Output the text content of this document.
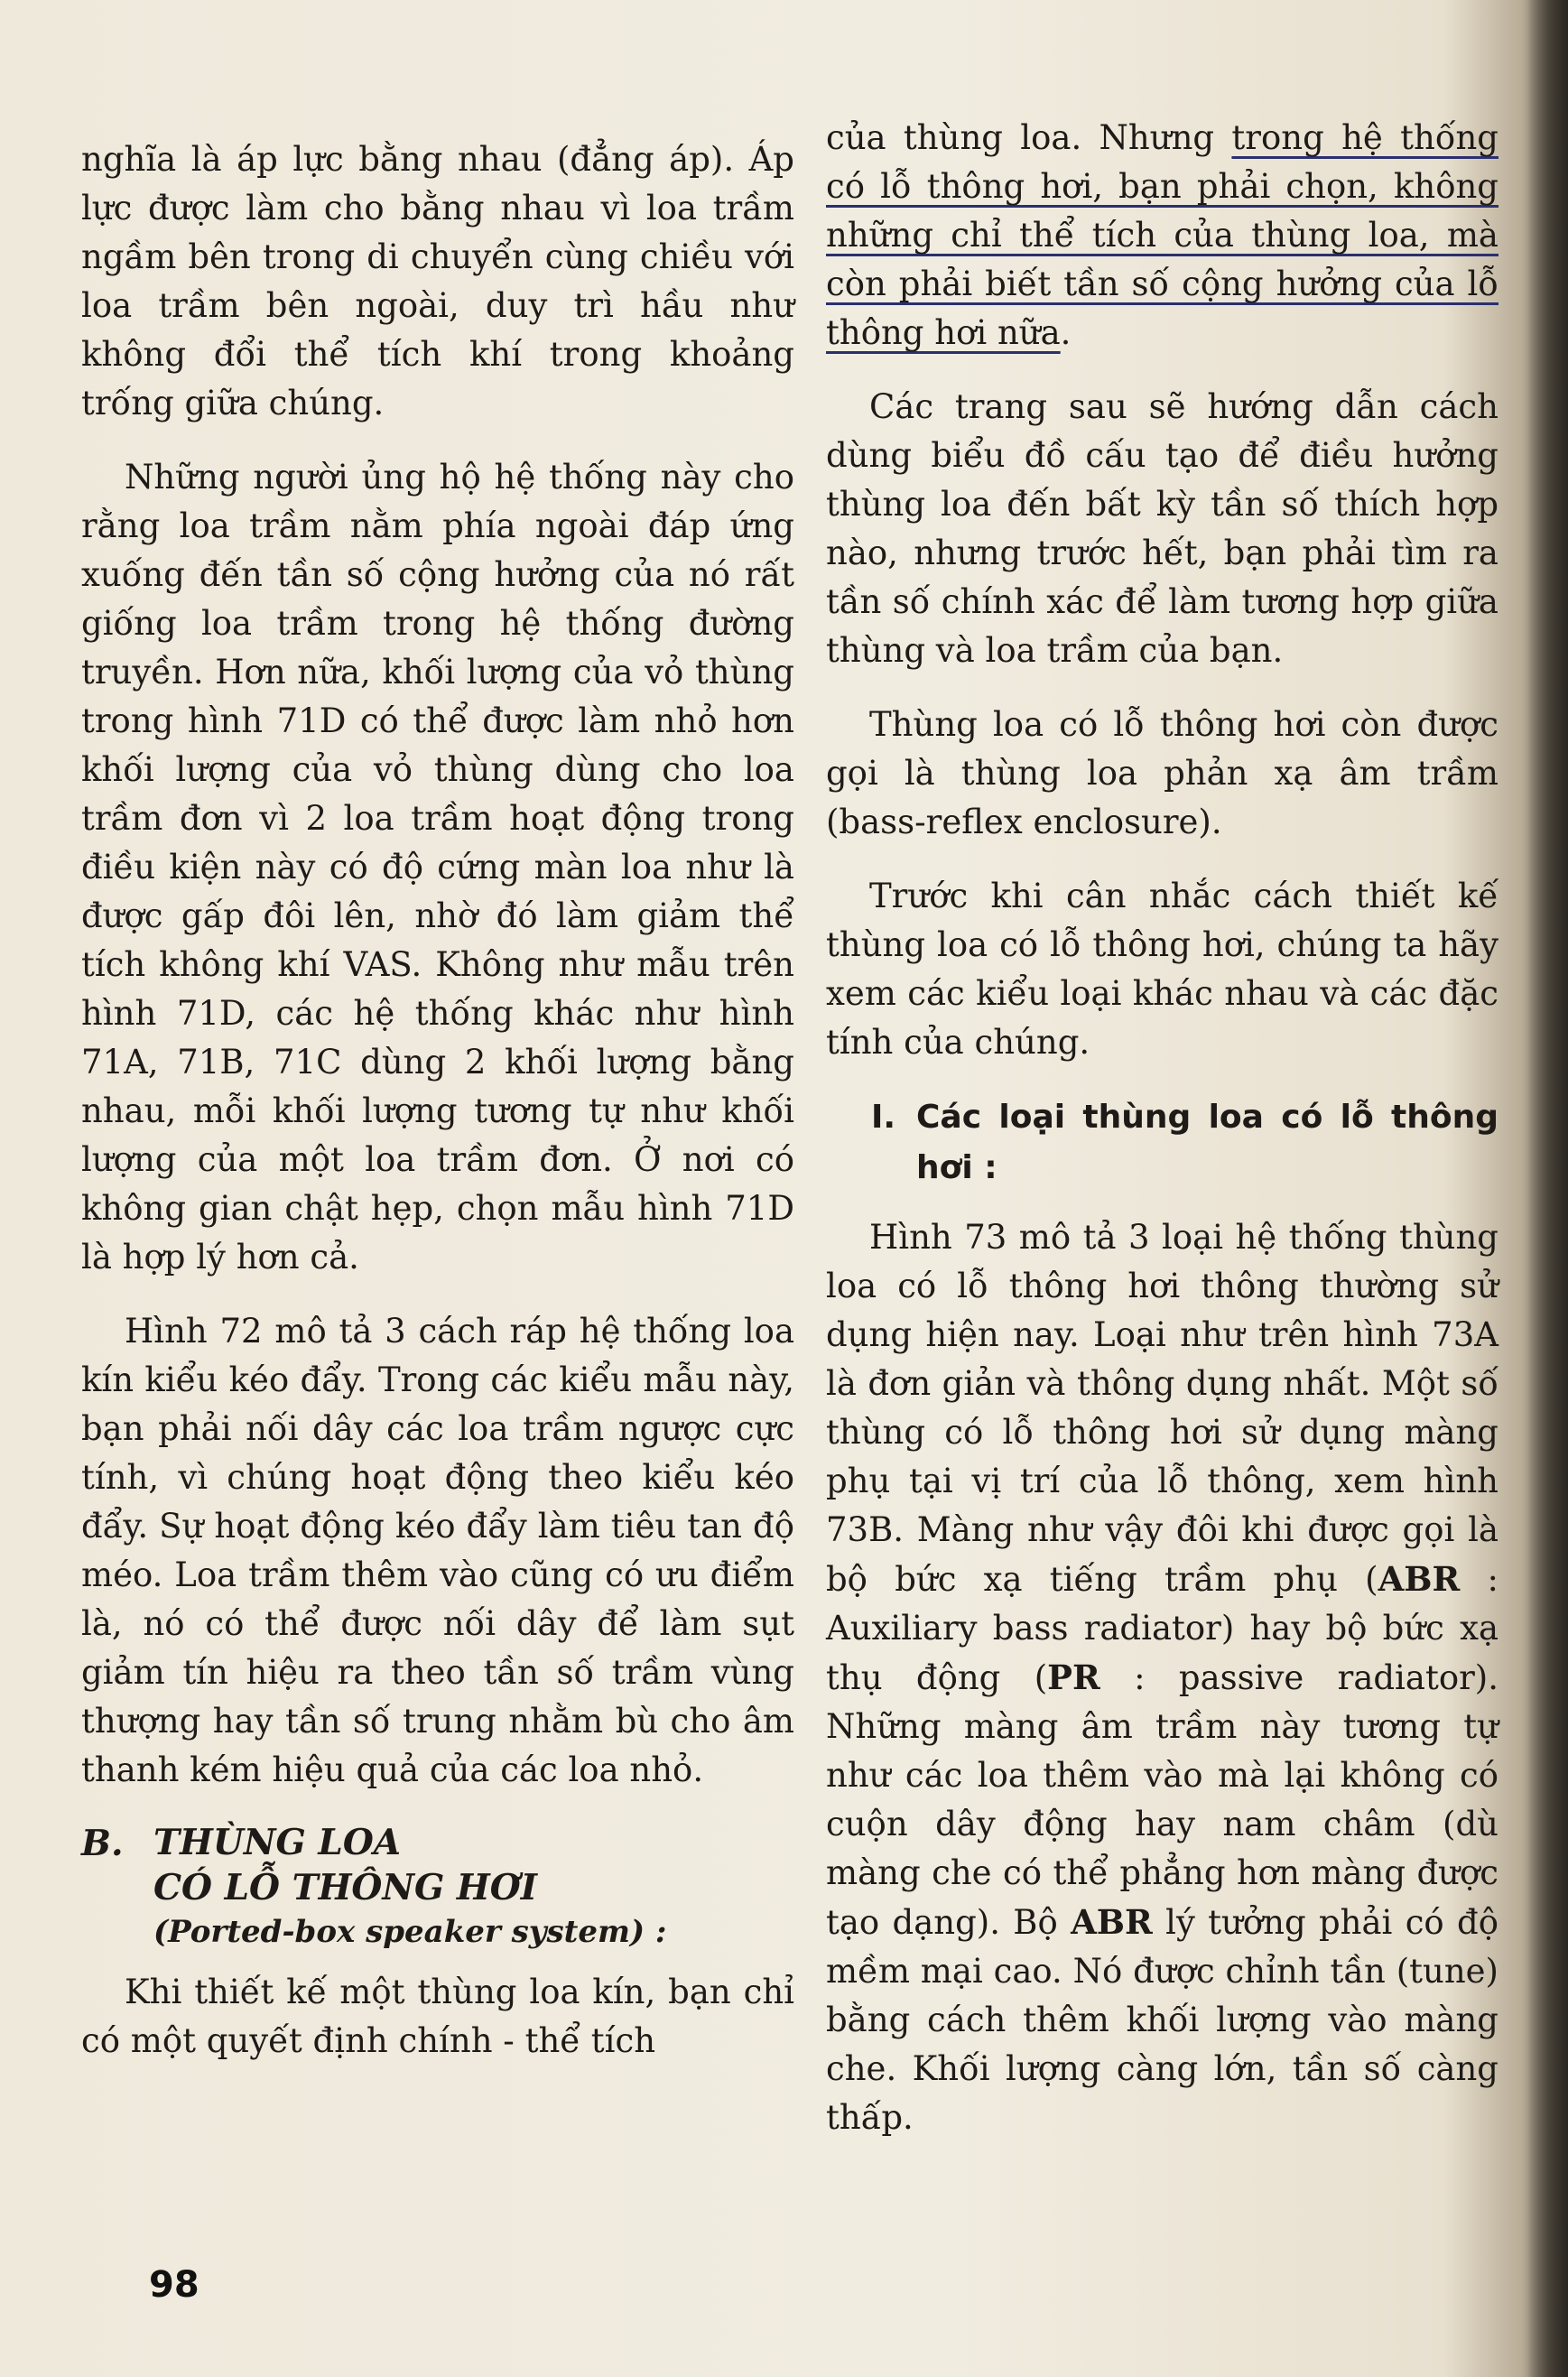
nghĩa là áp lực bằng nhau (đẳng áp). Áp lực được làm cho bằng nhau vì loa trầm ngầm bên trong di chuyển cùng chiều với loa trầm bên ngoài, duy trì hầu như không đổi thể tích khí trong khoảng trống giữa chúng.

Những người ủng hộ hệ thống này cho rằng loa trầm nằm phía ngoài đáp ứng xuống đến tần số cộng hưởng của nó rất giống loa trầm trong hệ thống đường truyền. Hơn nữa, khối lượng của vỏ thùng trong hình 71D có thể được làm nhỏ hơn khối lượng của vỏ thùng dùng cho loa trầm đơn vì 2 loa trầm hoạt động trong điều kiện này có độ cứng màn loa như là được gấp đôi lên, nhờ đó làm giảm thể tích không khí VAS. Không như mẫu trên hình 71D, các hệ thống khác như hình 71A, 71B, 71C dùng 2 khối lượng bằng nhau, mỗi khối lượng tương tự như khối lượng của một loa trầm đơn. Ở nơi có không gian chật hẹp, chọn mẫu hình 71D là hợp lý hơn cả.

Hình 72 mô tả 3 cách ráp hệ thống loa kín kiểu kéo đẩy. Trong các kiểu mẫu này, bạn phải nối dây các loa trầm ngược cực tính, vì chúng hoạt động theo kiểu kéo đẩy. Sự hoạt động kéo đẩy làm tiêu tan độ méo. Loa trầm thêm vào cũng có ưu điểm là, nó có thể được nối dây để làm sụt giảm tín hiệu ra theo tần số trầm vùng thượng hay tần số trung nhằm bù cho âm thanh kém hiệu quả của các loa nhỏ.

B. THÙNG LOA
CÓ LỖ THÔNG HƠI
(Ported-box speaker system) :

Khi thiết kế một thùng loa kín, bạn chỉ có một quyết định chính - thể tích

của thùng loa. Nhưng trong hệ thống có lỗ thông hơi, bạn phải chọn, không những chỉ thể tích của thùng loa, mà còn phải biết tần số cộng hưởng của lỗ thông hơi nữa.

Các trang sau sẽ hướng dẫn cách dùng biểu đồ cấu tạo để điều hưởng thùng loa đến bất kỳ tần số thích hợp nào, nhưng trước hết, bạn phải tìm ra tần số chính xác để làm tương hợp giữa thùng và loa trầm của bạn.

Thùng loa có lỗ thông hơi còn được gọi là thùng loa phản xạ âm trầm (bass-reflex enclosure).

Trước khi cân nhắc cách thiết kế thùng loa có lỗ thông hơi, chúng ta hãy xem các kiểu loại khác nhau và các đặc tính của chúng.

I. Các loại thùng loa có lỗ thông hơi :

Hình 73 mô tả 3 loại hệ thống thùng loa có lỗ thông hơi thông thường sử dụng hiện nay. Loại như trên hình 73A là đơn giản và thông dụng nhất. Một số thùng có lỗ thông hơi sử dụng màng phụ tại vị trí của lỗ thông, xem hình 73B. Màng như vậy đôi khi được gọi là bộ bức xạ tiếng trầm phụ (ABR : Auxiliary bass radiator) hay bộ bức xạ thụ động (PR : passive radiator). Những màng âm trầm này tương tự như các loa thêm vào mà lại không có cuộn dây động hay nam châm (dù màng che có thể phẳng hơn màng được tạo dạng). Bộ ABR lý tưởng phải có độ mềm mại cao. Nó được chỉnh tần (tune) bằng cách thêm khối lượng vào màng che. Khối lượng càng lớn, tần số càng thấp.

98
